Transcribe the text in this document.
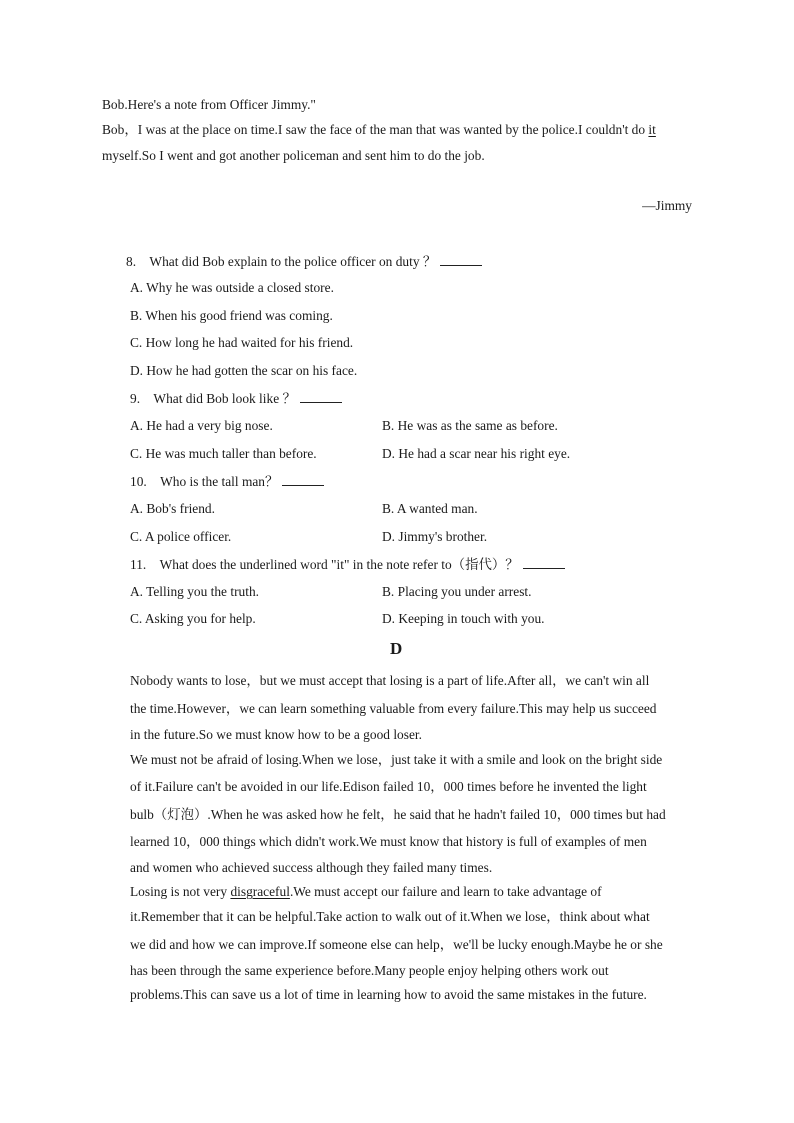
Bob.Here's a note from Officer Jimmy."
Bob，I was at the place on time.I saw the face of the man that was wanted by the police.I couldn't do it
myself.So I went and got another policeman and sent him to do the job.
—Jimmy
8.　What did Bob explain to the police officer on duty ？
A. Why he was outside a closed store.
B. When his good friend was coming.
C. How long he had waited for his friend.
D. How he had gotten the scar on his face.
9.　What did Bob look like ？
A. He had a very big nose.	B. He was as the same as before.
C. He was much taller than before.	D. He had a scar near his right eye.
10.　Who is the tall man？
A. Bob's friend.	B. A wanted man.
C. A police officer.	D. Jimmy's brother.
11.　What does the underlined word "it" in the note refer to（指代）？
A. Telling you the truth.	B. Placing you under arrest.
C. Asking you for help.	D. Keeping in touch with you.
D
Nobody wants to lose，but we must accept that losing is a part of life.After all，we can't win all
the time.However，we can learn something valuable from every failure.This may help us succeed
in the future.So we must know how to be a good loser.
We must not be afraid of losing.When we lose，just take it with a smile and look on the bright side
of it.Failure can't be avoided in our life.Edison failed 10，000 times before he invented the light
bulb（灯泡）.When he was asked how he felt，he said that he hadn't failed 10，000 times but had
learned 10，000 things which didn't work.We must know that history is full of examples of men
and women who achieved success although they failed many times.
Losing is not very disgraceful.We must accept our failure and learn to take advantage of
it.Remember that it can be helpful.Take action to walk out of it.When we lose，think about what
we did and how we can improve.If someone else can help，we'll be lucky enough.Maybe he or she
has been through the same experience before.Many people enjoy helping others work out
problems.This can save us a lot of time in learning how to avoid the same mistakes in the future.
